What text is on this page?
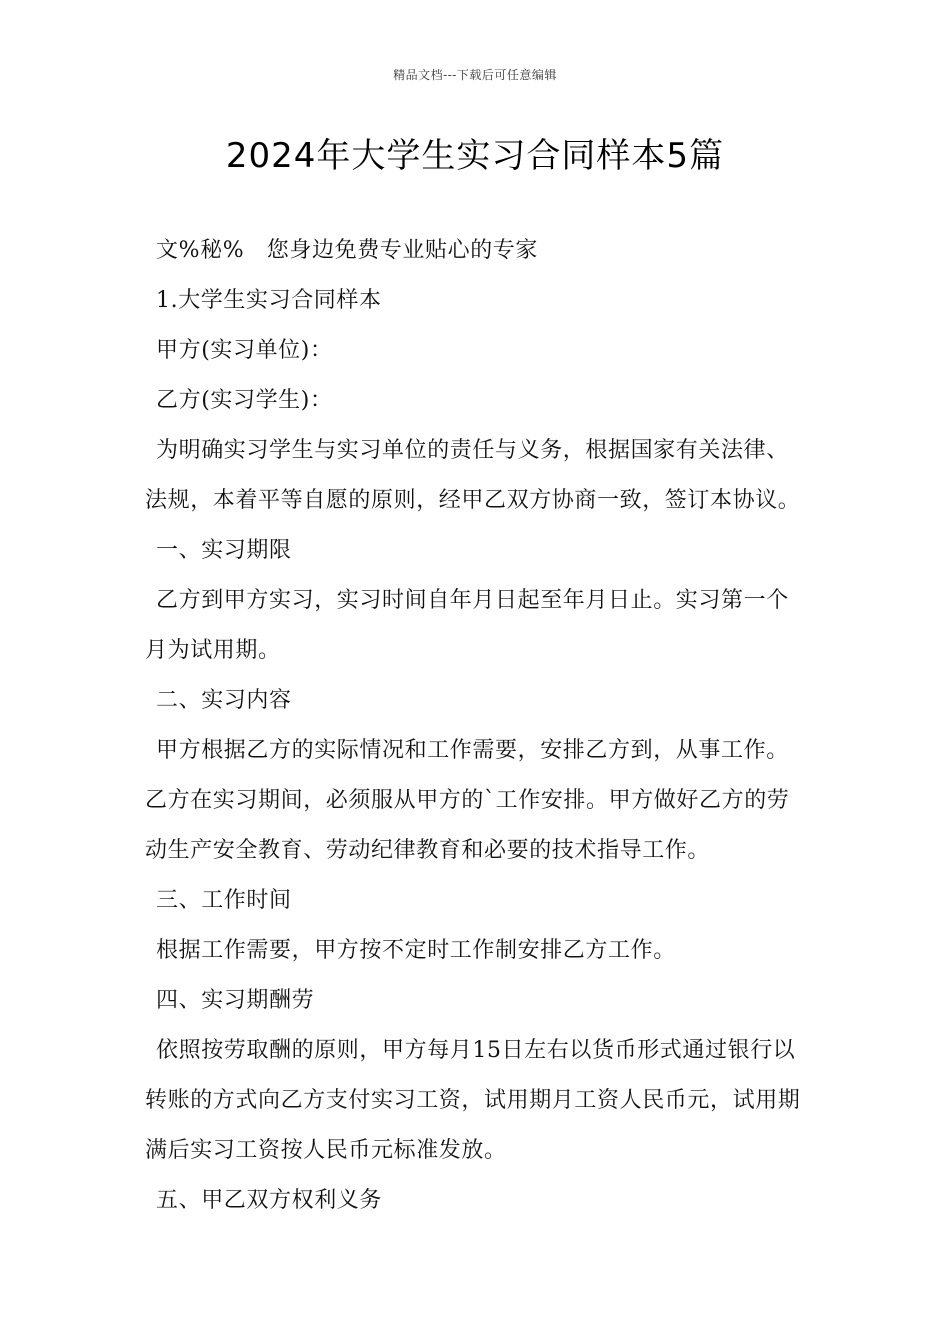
精品文档---下载后可任意编辑
2024年大学生实习合同样本5篇

文%秘%　您身边免费专业贴心的专家

1.大学生实习合同样本

甲方(实习单位)：

乙方(实习学生)：

为明确实习学生与实习单位的责任与义务，根据国家有关法律、法规，本着平等自愿的原则，经甲乙双方协商一致，签订本协议。

一、实习期限

乙方到甲方实习，实习时间自年月日起至年月日止。实习第一个月为试用期。

二、实习内容

甲方根据乙方的实际情况和工作需要，安排乙方到，从事工作。乙方在实习期间，必须服从甲方的`工作安排。甲方做好乙方的劳动生产安全教育、劳动纪律教育和必要的技术指导工作。

三、工作时间

根据工作需要，甲方按不定时工作制安排乙方工作。

四、实习期酬劳

依照按劳取酬的原则，甲方每月15日左右以货币形式通过银行以转账的方式向乙方支付实习工资，试用期月工资人民币元，试用期满后实习工资按人民币元标准发放。

五、甲乙双方权利义务
